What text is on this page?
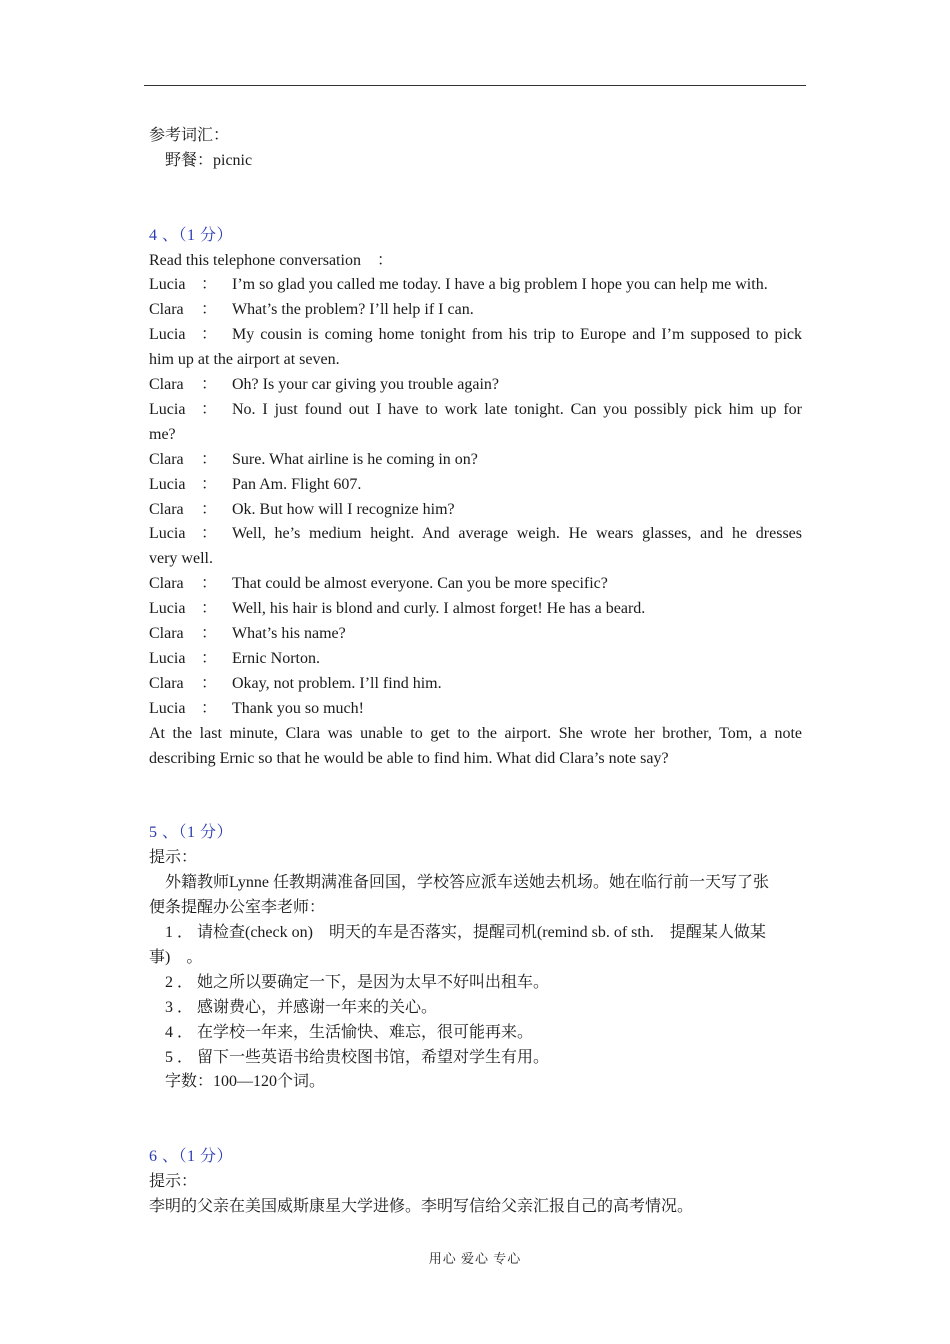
参考词汇：
野餐：picnic
4 、（1 分）
Read this telephone conversation　：
Lucia ： I’m so glad you called me today. I have a big problem I hope you can help me with.
Clara	： What’s the problem? I’ll help if I can.
Lucia ： My cousin is coming home tonight from his trip to Europe and I’m supposed to pick
him up at the airport at seven.
Clara	： Oh? Is your car giving you trouble again?
Lucia ： No. I just found out I have to work late tonight. Can you possibly pick him up for
me?
Clara	： Sure. What airline is he coming in on?
Lucia ： Pan Am. Flight 607.
Clara	： Ok. But how will I recognize him?
Lucia ： Well, he’s medium height. And average weigh. He wears glasses, and he dresses
very well.
Clara	： That could be almost everyone. Can you be more specific?
Lucia ： Well, his hair is blond and curly. I almost forget! He has a beard.
Clara	： What’s his name?
Lucia ： Ernic Norton.
Clara	： Okay, not problem. I’ll find him.
Lucia ： Thank you so much!
At the last minute, Clara was unable to get to the airport. She wrote her brother, Tom, a note
describing Ernic so that he would be able to find him. What did Clara’s note say?
5 、（1 分）
提示：
外籍教师Lynne 任教期满准备回国，学校答应派车送她去机场。她在临行前一天写了张
便条提醒办公室李老师：
1 ． 请检查(check on)　明天的车是否落实，提醒司机(remind sb. of sth.　提醒某人做某
事)　。
2 ． 她之所以要确定一下，是因为太早不好叫出租车。
3 ． 感谢费心，并感谢一年来的关心。
4 ． 在学校一年来，生活愉快、难忘，很可能再来。
5 ． 留下一些英语书给贵校图书馆，希望对学生有用。
字数：100—120个词。
6 、（1 分）
提示：
李明的父亲在美国威斯康星大学进修。李明写信给父亲汇报自己的高考情况。
用心 爱心 专心
